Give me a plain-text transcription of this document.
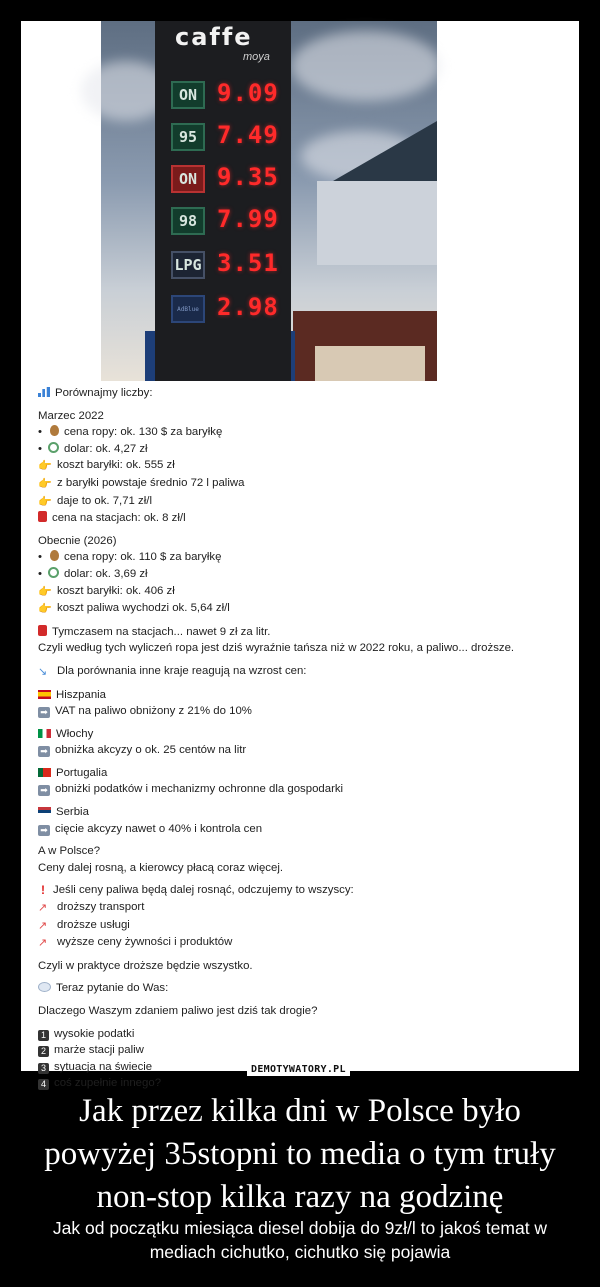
caffe
moya
ON 9.09
95 7.49
ON 9.35
98 7.99
LPG 3.51
AdBlue 2.98
Porównajmy liczby:
Marzec 2022
• cena ropy: ok. 130 $ za baryłkę
• dolar: ok. 4,27 zł
👉 koszt baryłki: ok. 555 zł
👉 z baryłki powstaje średnio 72 l paliwa
👉 daje to ok. 7,71 zł/l
cena na stacjach: ok. 8 zł/l
Obecnie (2026)
• cena ropy: ok. 110 $ za baryłkę
• dolar: ok. 3,69 zł
👉 koszt baryłki: ok. 406 zł
👉 koszt paliwa wychodzi ok. 5,64 zł/l
Tymczasem na stacjach... nawet 9 zł za litr.
Czyli według tych wyliczeń ropa jest dziś wyraźnie tańsza niż w 2022 roku, a paliwo... droższe.
↘ Dla porównania inne kraje reagują na wzrost cen:
Hiszpania
➡ VAT na paliwo obniżony z 21% do 10%
Włochy
➡ obniżka akcyzy o ok. 25 centów na litr
Portugalia
➡ obniżki podatków i mechanizmy ochronne dla gospodarki
Serbia
➡ cięcie akcyzy nawet o 40% i kontrola cen
A w Polsce?
Ceny dalej rosną, a kierowcy płacą coraz więcej.
! Jeśli ceny paliwa będą dalej rosnąć, odczujemy to wszyscy:
↗ droższy transport
↗ droższe usługi
↗ wyższe ceny żywności i produktów
Czyli w praktyce droższe będzie wszystko.
Teraz pytanie do Was:
Dlaczego Waszym zdaniem paliwo jest dziś tak drogie?
1 wysokie podatki
2 marże stacji paliw
3 sytuacja na świecie
4 coś zupełnie innego?
DEMOTYWATORY.PL
Jak przez kilka dni w Polsce było powyżej 35stopni to media o tym truły non-stop kilka razy na godzinę
Jak od początku miesiąca diesel dobija do 9zł/l to jakoś temat w mediach cichutko, cichutko się pojawia
